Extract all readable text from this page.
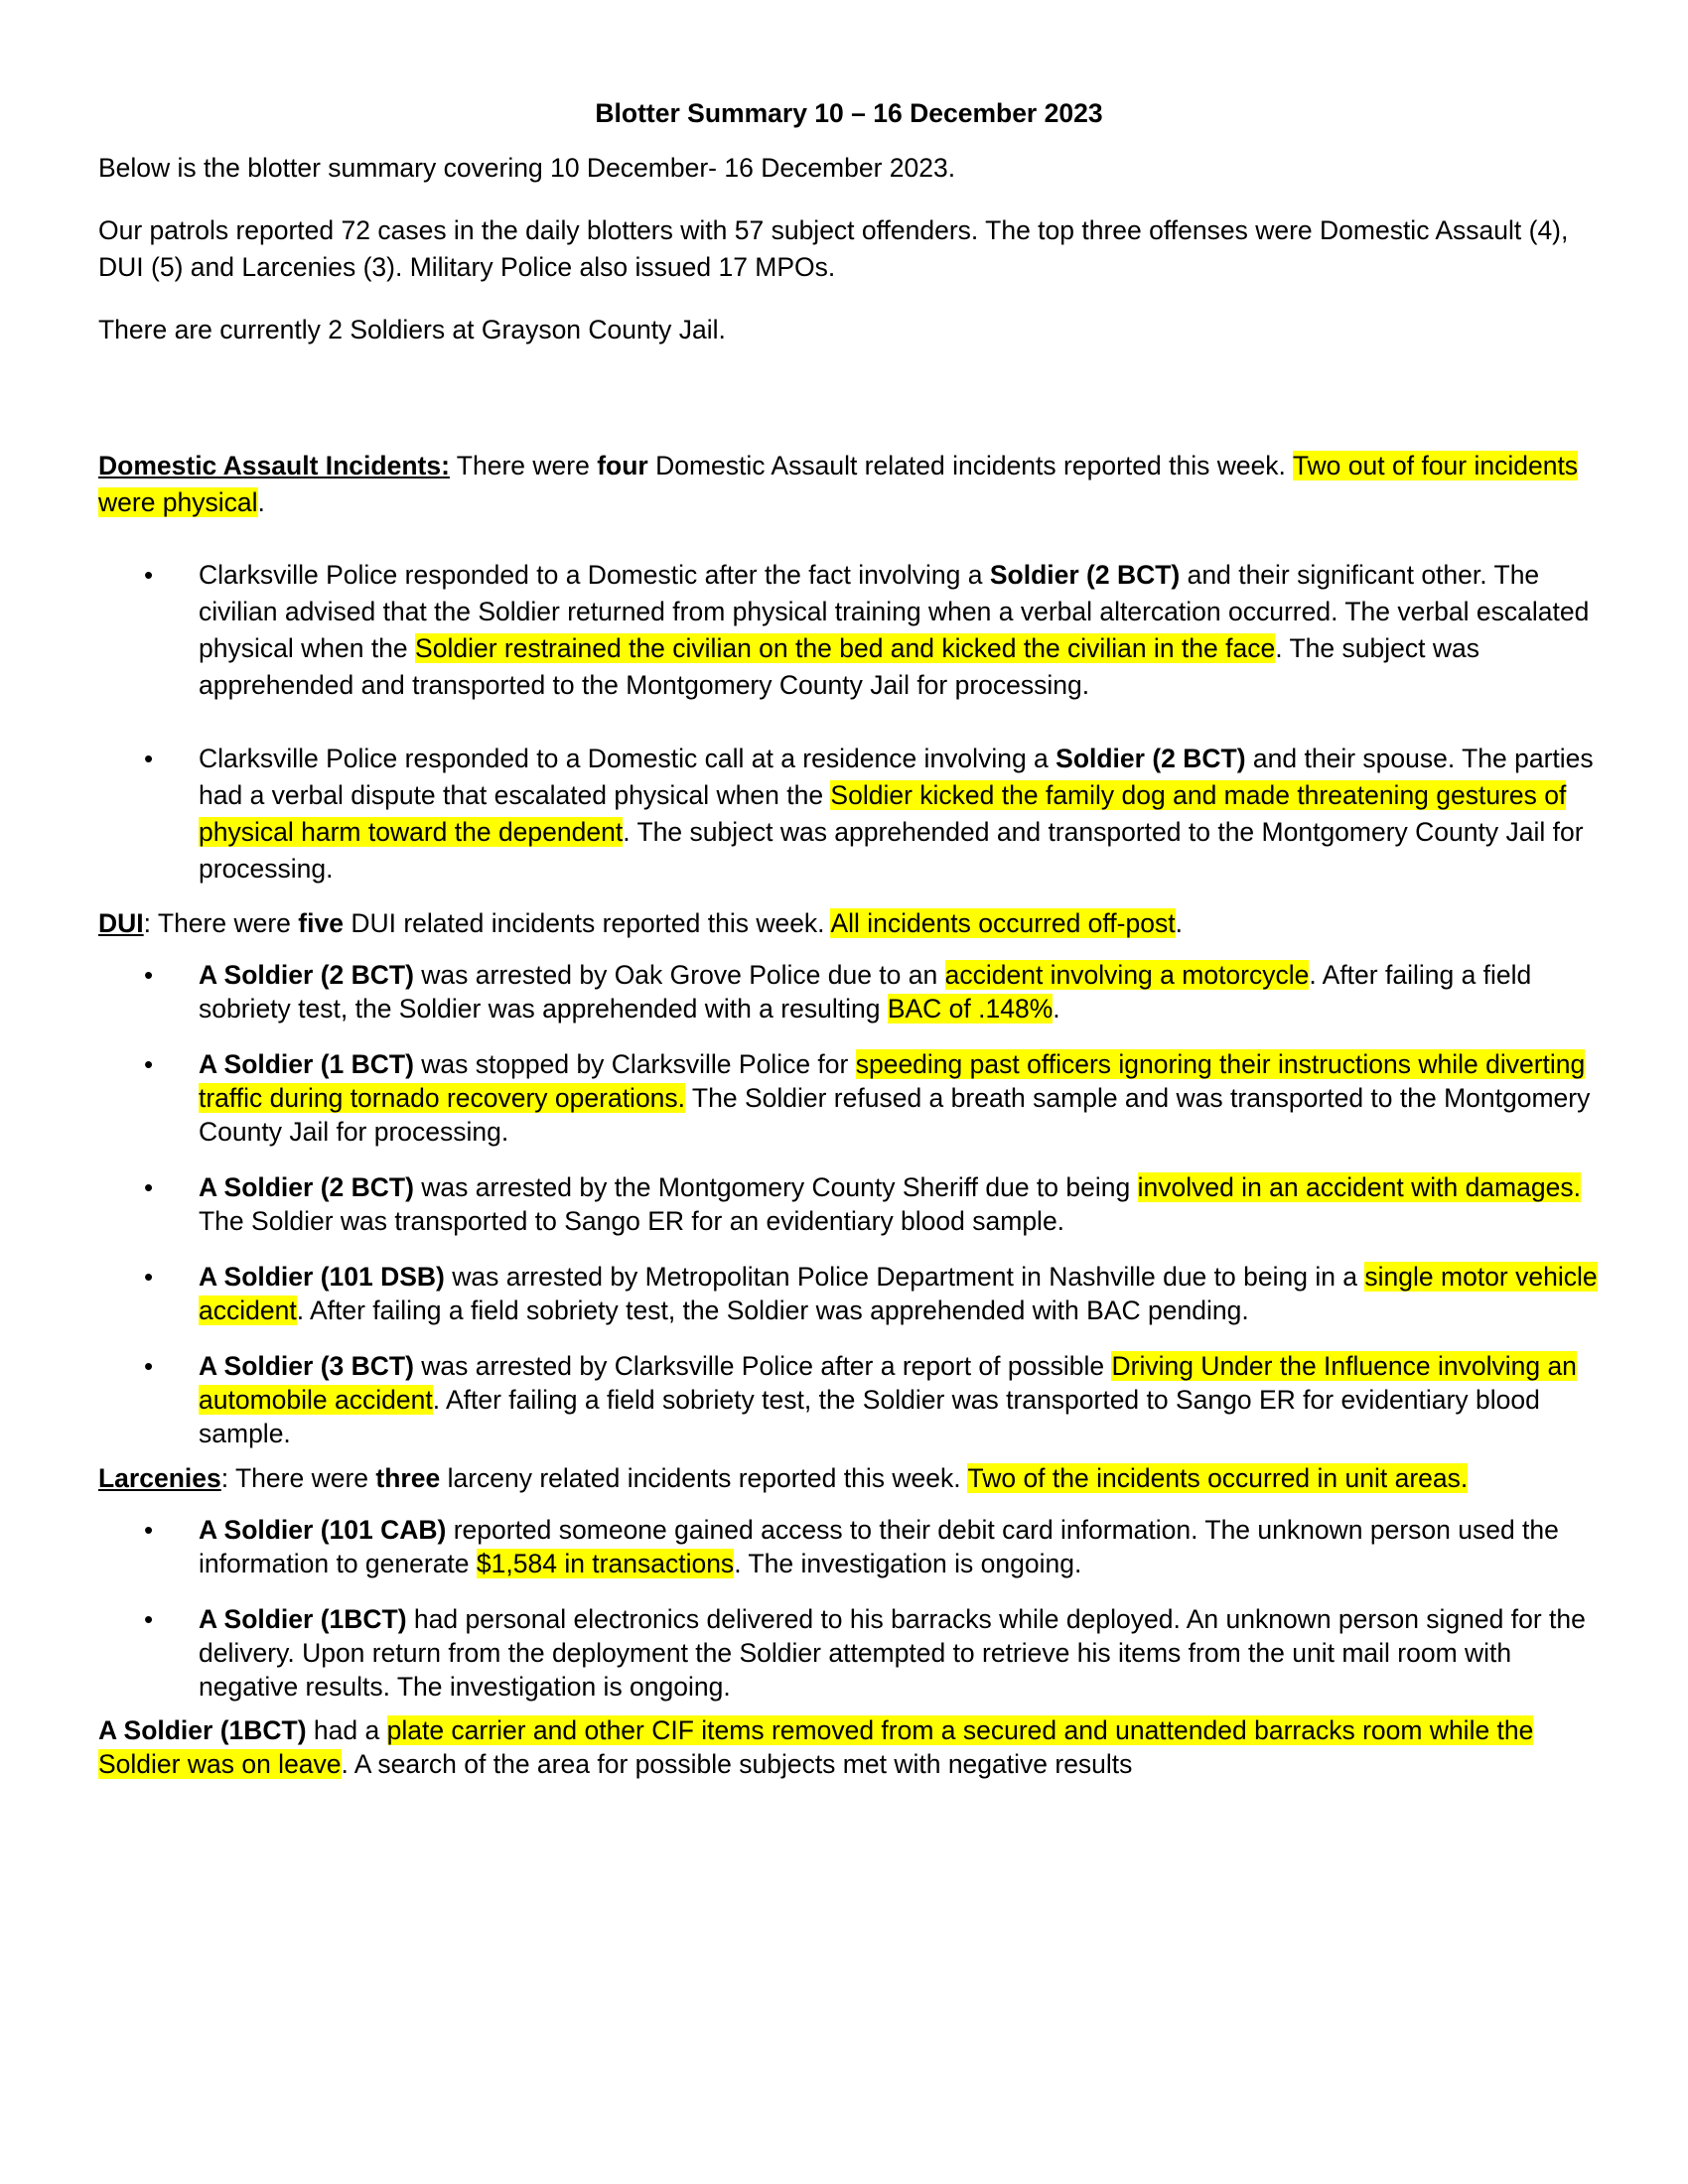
Blotter Summary 10 – 16 December 2023

Below is the blotter summary covering 10 December- 16 December 2023.

Our patrols reported 72 cases in the daily blotters with 57 subject offenders. The top three offenses were Domestic Assault (4), DUI (5) and Larcenies (3). Military Police also issued 17 MPOs.

There are currently 2 Soldiers at Grayson County Jail.

Domestic Assault Incidents: There were four Domestic Assault related incidents reported this week. Two out of four incidents were physical.

• Clarksville Police responded to a Domestic after the fact involving a Soldier (2 BCT) and their significant other. The civilian advised that the Soldier returned from physical training when a verbal altercation occurred. The verbal escalated physical when the Soldier restrained the civilian on the bed and kicked the civilian in the face. The subject was apprehended and transported to the Montgomery County Jail for processing.
• Clarksville Police responded to a Domestic call at a residence involving a Soldier (2 BCT) and their spouse. The parties had a verbal dispute that escalated physical when the Soldier kicked the family dog and made threatening gestures of physical harm toward the dependent. The subject was apprehended and transported to the Montgomery County Jail for processing.

DUI: There were five DUI related incidents reported this week. All incidents occurred off-post.

• A Soldier (2 BCT) was arrested by Oak Grove Police due to an accident involving a motorcycle. After failing a field sobriety test, the Soldier was apprehended with a resulting BAC of .148%.
• A Soldier (1 BCT) was stopped by Clarksville Police for speeding past officers ignoring their instructions while diverting traffic during tornado recovery operations. The Soldier refused a breath sample and was transported to the Montgomery County Jail for processing.
• A Soldier (2 BCT) was arrested by the Montgomery County Sheriff due to being involved in an accident with damages. The Soldier was transported to Sango ER for an evidentiary blood sample.
• A Soldier (101 DSB) was arrested by Metropolitan Police Department in Nashville due to being in a single motor vehicle accident. After failing a field sobriety test, the Soldier was apprehended with BAC pending.
• A Soldier (3 BCT) was arrested by Clarksville Police after a report of possible Driving Under the Influence involving an automobile accident. After failing a field sobriety test, the Soldier was transported to Sango ER for evidentiary blood sample.

Larcenies: There were three larceny related incidents reported this week. Two of the incidents occurred in unit areas.

• A Soldier (101 CAB) reported someone gained access to their debit card information. The unknown person used the information to generate $1,584 in transactions. The investigation is ongoing.
• A Soldier (1BCT) had personal electronics delivered to his barracks while deployed. An unknown person signed for the delivery. Upon return from the deployment the Soldier attempted to retrieve his items from the unit mail room with negative results. The investigation is ongoing.

A Soldier (1BCT) had a plate carrier and other CIF items removed from a secured and unattended barracks room while the Soldier was on leave. A search of the area for possible subjects met with negative results
